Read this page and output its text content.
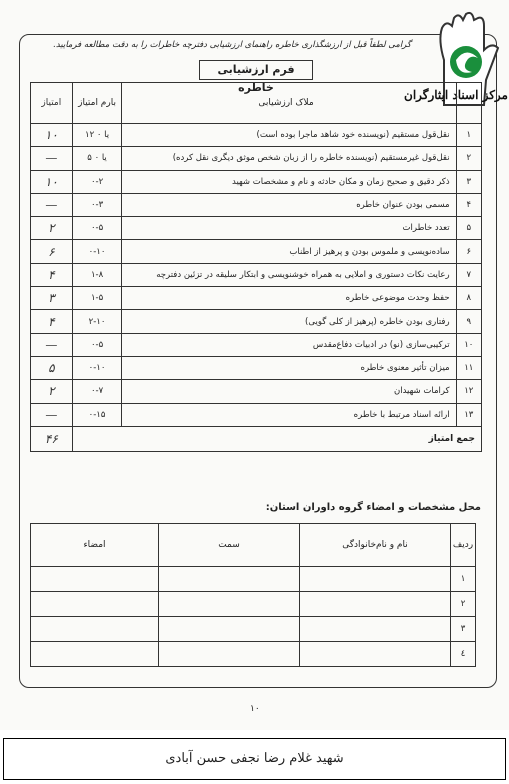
مرکز اسناد ایثارگران
گرامی لطفاً قبل از ارزشگذاری خاطره راهنمای ارزشیابی دفترچه خاطرات را به دقت مطالعه فرمایید.
فرم ارزشیابی خاطره
	ملاک ارزشیابی	بارم امتیاز	امتیاز
۱	نقل‌قول مستقیم (نویسنده خود شاهد ماجرا بوده است)	۱۲ یا ۰	۱۰
۲	نقل‌قول غیرمستقیم (نویسنده خاطره را از زبان شخص موثق دیگری نقل کرده)	۵ یا ۰	—
۳	ذکر دقیق و صحیح زمان و مکان حادثه و نام و مشخصات شهید	۰-۲	۱۰
۴	مسمی بودن عنوان خاطره	۰-۳	—
۵	تعدد خاطرات	۰-۵	۲
۶	ساده‌نویسی و ملموس بودن و پرهیز از اطناب	۰-۱۰	۶
۷	رعایت نکات دستوری و املایی به همراه خوشنویسی و ابتکار سلیقه در تزئین دفترچه	۱-۸	۴
۸	حفظ وحدت موضوعی خاطره	۱-۵	۳
۹	رفتاری بودن خاطره (پرهیز از کلی گویی)	۲-۱۰	۴
۱۰	ترکیبی‌سازی (نو) در ادبیات دفاع‌مقدس	۰-۵	—
۱۱	میزان تأثیر معنوی خاطره	۰-۱۰	۵
۱۲	کرامات شهیدان	۰-۷	۲
۱۳	ارائه اسناد مرتبط با خاطره	۰-۱۵	—
جمع امتیاز			۴۶
محل مشخصات و امضاء گروه داوران استان:
ردیف	نام و نام‌خانوادگی	سمت	امضاء
۱			
۲			
۳			
٤			
۱۰
شهید غلام رضا نجفی حسن آبادی
